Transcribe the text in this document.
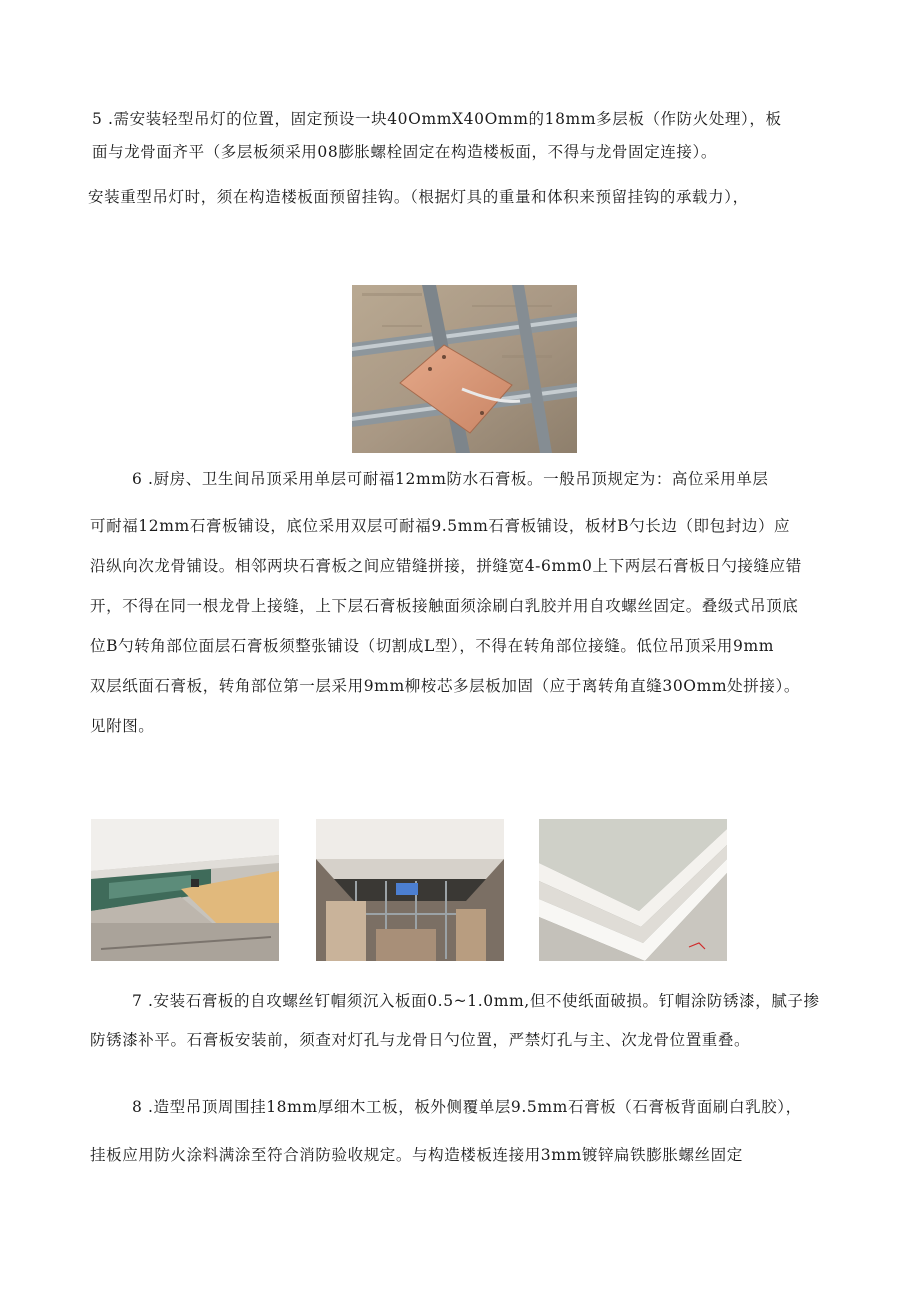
5 .需安装轻型吊灯的位置，固定预设一块40OmmX40Omm的18mm多层板（作防火处理），板
面与龙骨面齐平（多层板须采用08膨胀螺栓固定在构造楼板面，不得与龙骨固定连接）。
安装重型吊灯时，须在构造楼板面预留挂钩。（根据灯具的重量和体积来预留挂钩的承载力），
6 .厨房、卫生间吊顶采用单层可耐福12mm防水石膏板。一般吊顶规定为：高位采用单层
可耐福12mm石膏板铺设，底位采用双层可耐福9.5mm石膏板铺设，板材B勺长边（即包封边）应
沿纵向次龙骨铺设。相邻两块石膏板之间应错缝拼接，拼缝宽4-6mm0上下两层石膏板日勺接缝应错
开，不得在同一根龙骨上接缝，上下层石膏板接触面须涂刷白乳胶并用自攻螺丝固定。叠级式吊顶底
位B勺转角部位面层石膏板须整张铺设（切割成L型），不得在转角部位接缝。低位吊顶采用9mm
双层纸面石膏板，转角部位第一层采用9mm柳桉芯多层板加固（应于离转角直缝30Omm处拼接）。
见附图。
7 .安装石膏板的自攻螺丝钉帽须沉入板面0.5~1.0mm,但不使纸面破损。钉帽涂防锈漆，腻子掺
防锈漆补平。石膏板安装前，须查对灯孔与龙骨日勺位置，严禁灯孔与主、次龙骨位置重叠。
8 .造型吊顶周围挂18mm厚细木工板，板外侧覆单层9.5mm石膏板（石膏板背面刷白乳胶），
挂板应用防火涂料满涂至符合消防验收规定。与构造楼板连接用3mm镀锌扁铁膨胀螺丝固定
